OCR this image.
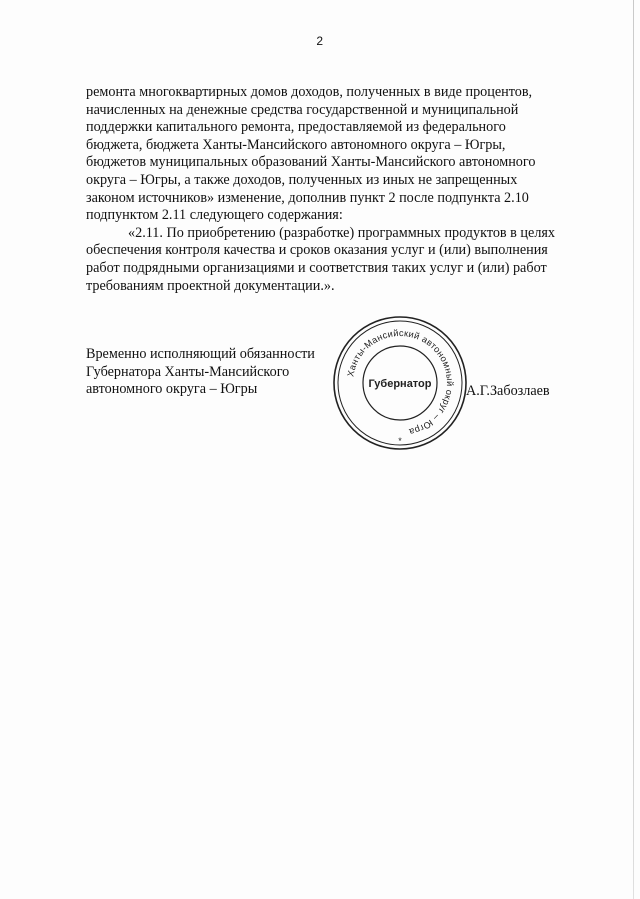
2
ремонта многоквартирных домов доходов, полученных в виде процентов,
начисленных на денежные средства государственной и муниципальной
поддержки капитального ремонта, предоставляемой из федерального
бюджета, бюджета Ханты-Мансийского автономного округа – Югры,
бюджетов муниципальных образований Ханты-Мансийского автономного
округа – Югры, а также доходов, полученных из иных не запрещенных
законом источников» изменение, дополнив пункт 2 после подпункта 2.10
подпунктом 2.11 следующего содержания:
«2.11. По приобретению (разработке) программных продуктов в целях
обеспечения контроля качества и сроков оказания услуг и (или) выполнения
работ подрядными организациями и соответствия таких услуг и (или) работ
требованиям проектной документации.».
Временно исполняющий обязанности
Губернатора Ханты-Мансийского
автономного округа – Югры
Ханты-Мансийский автономный округ – Югра
Губернатор
*
А.Г.Забозлаев
